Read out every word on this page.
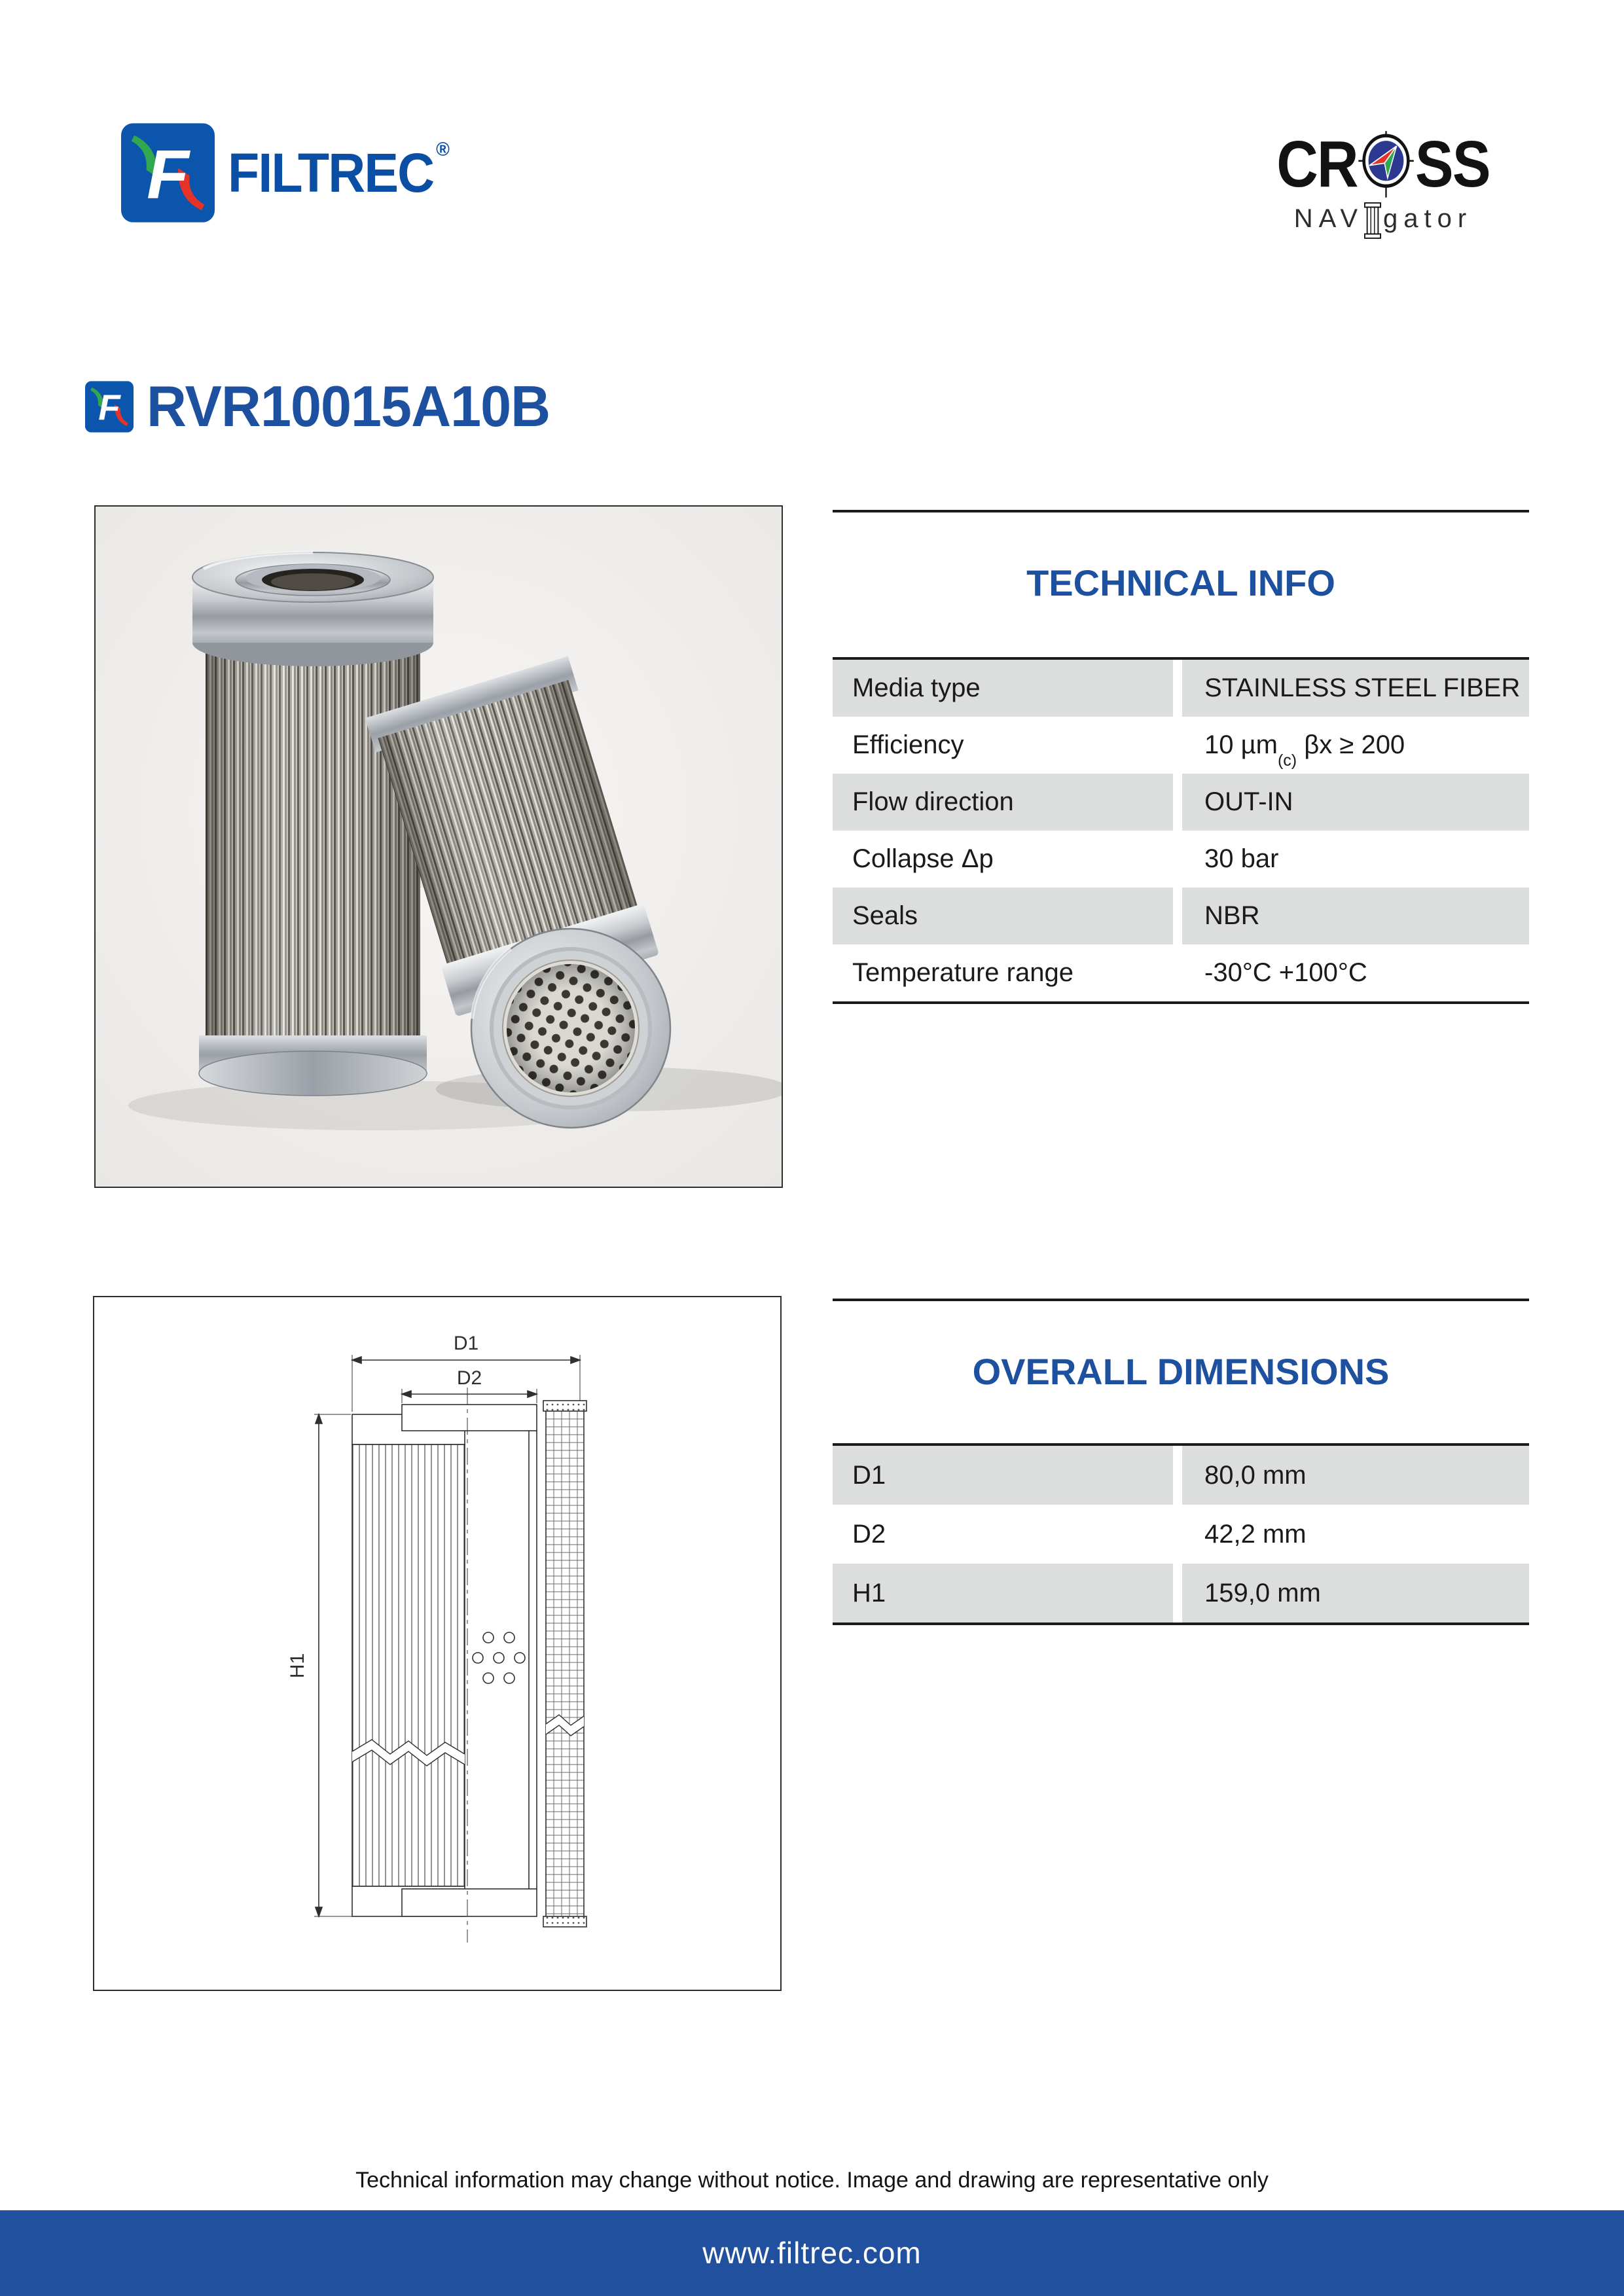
FILTREC ®	CR SS
NAV gator
RVR10015A10B
TECHNICAL INFO
Media type	STAINLESS STEEL FIBER
Efficiency	10 µm$_{(c)}$ βx ≥ 200
Flow direction	OUT-IN
Collapse Δp	30 bar
Seals	NBR
Temperature range	-30°C +100°C
D1
D2
H1
OVERALL DIMENSIONS
D1	80,0 mm
D2	42,2 mm
H1	159,0 mm
Technical information may change without notice. Image and drawing are representative only
www.filtrec.com
